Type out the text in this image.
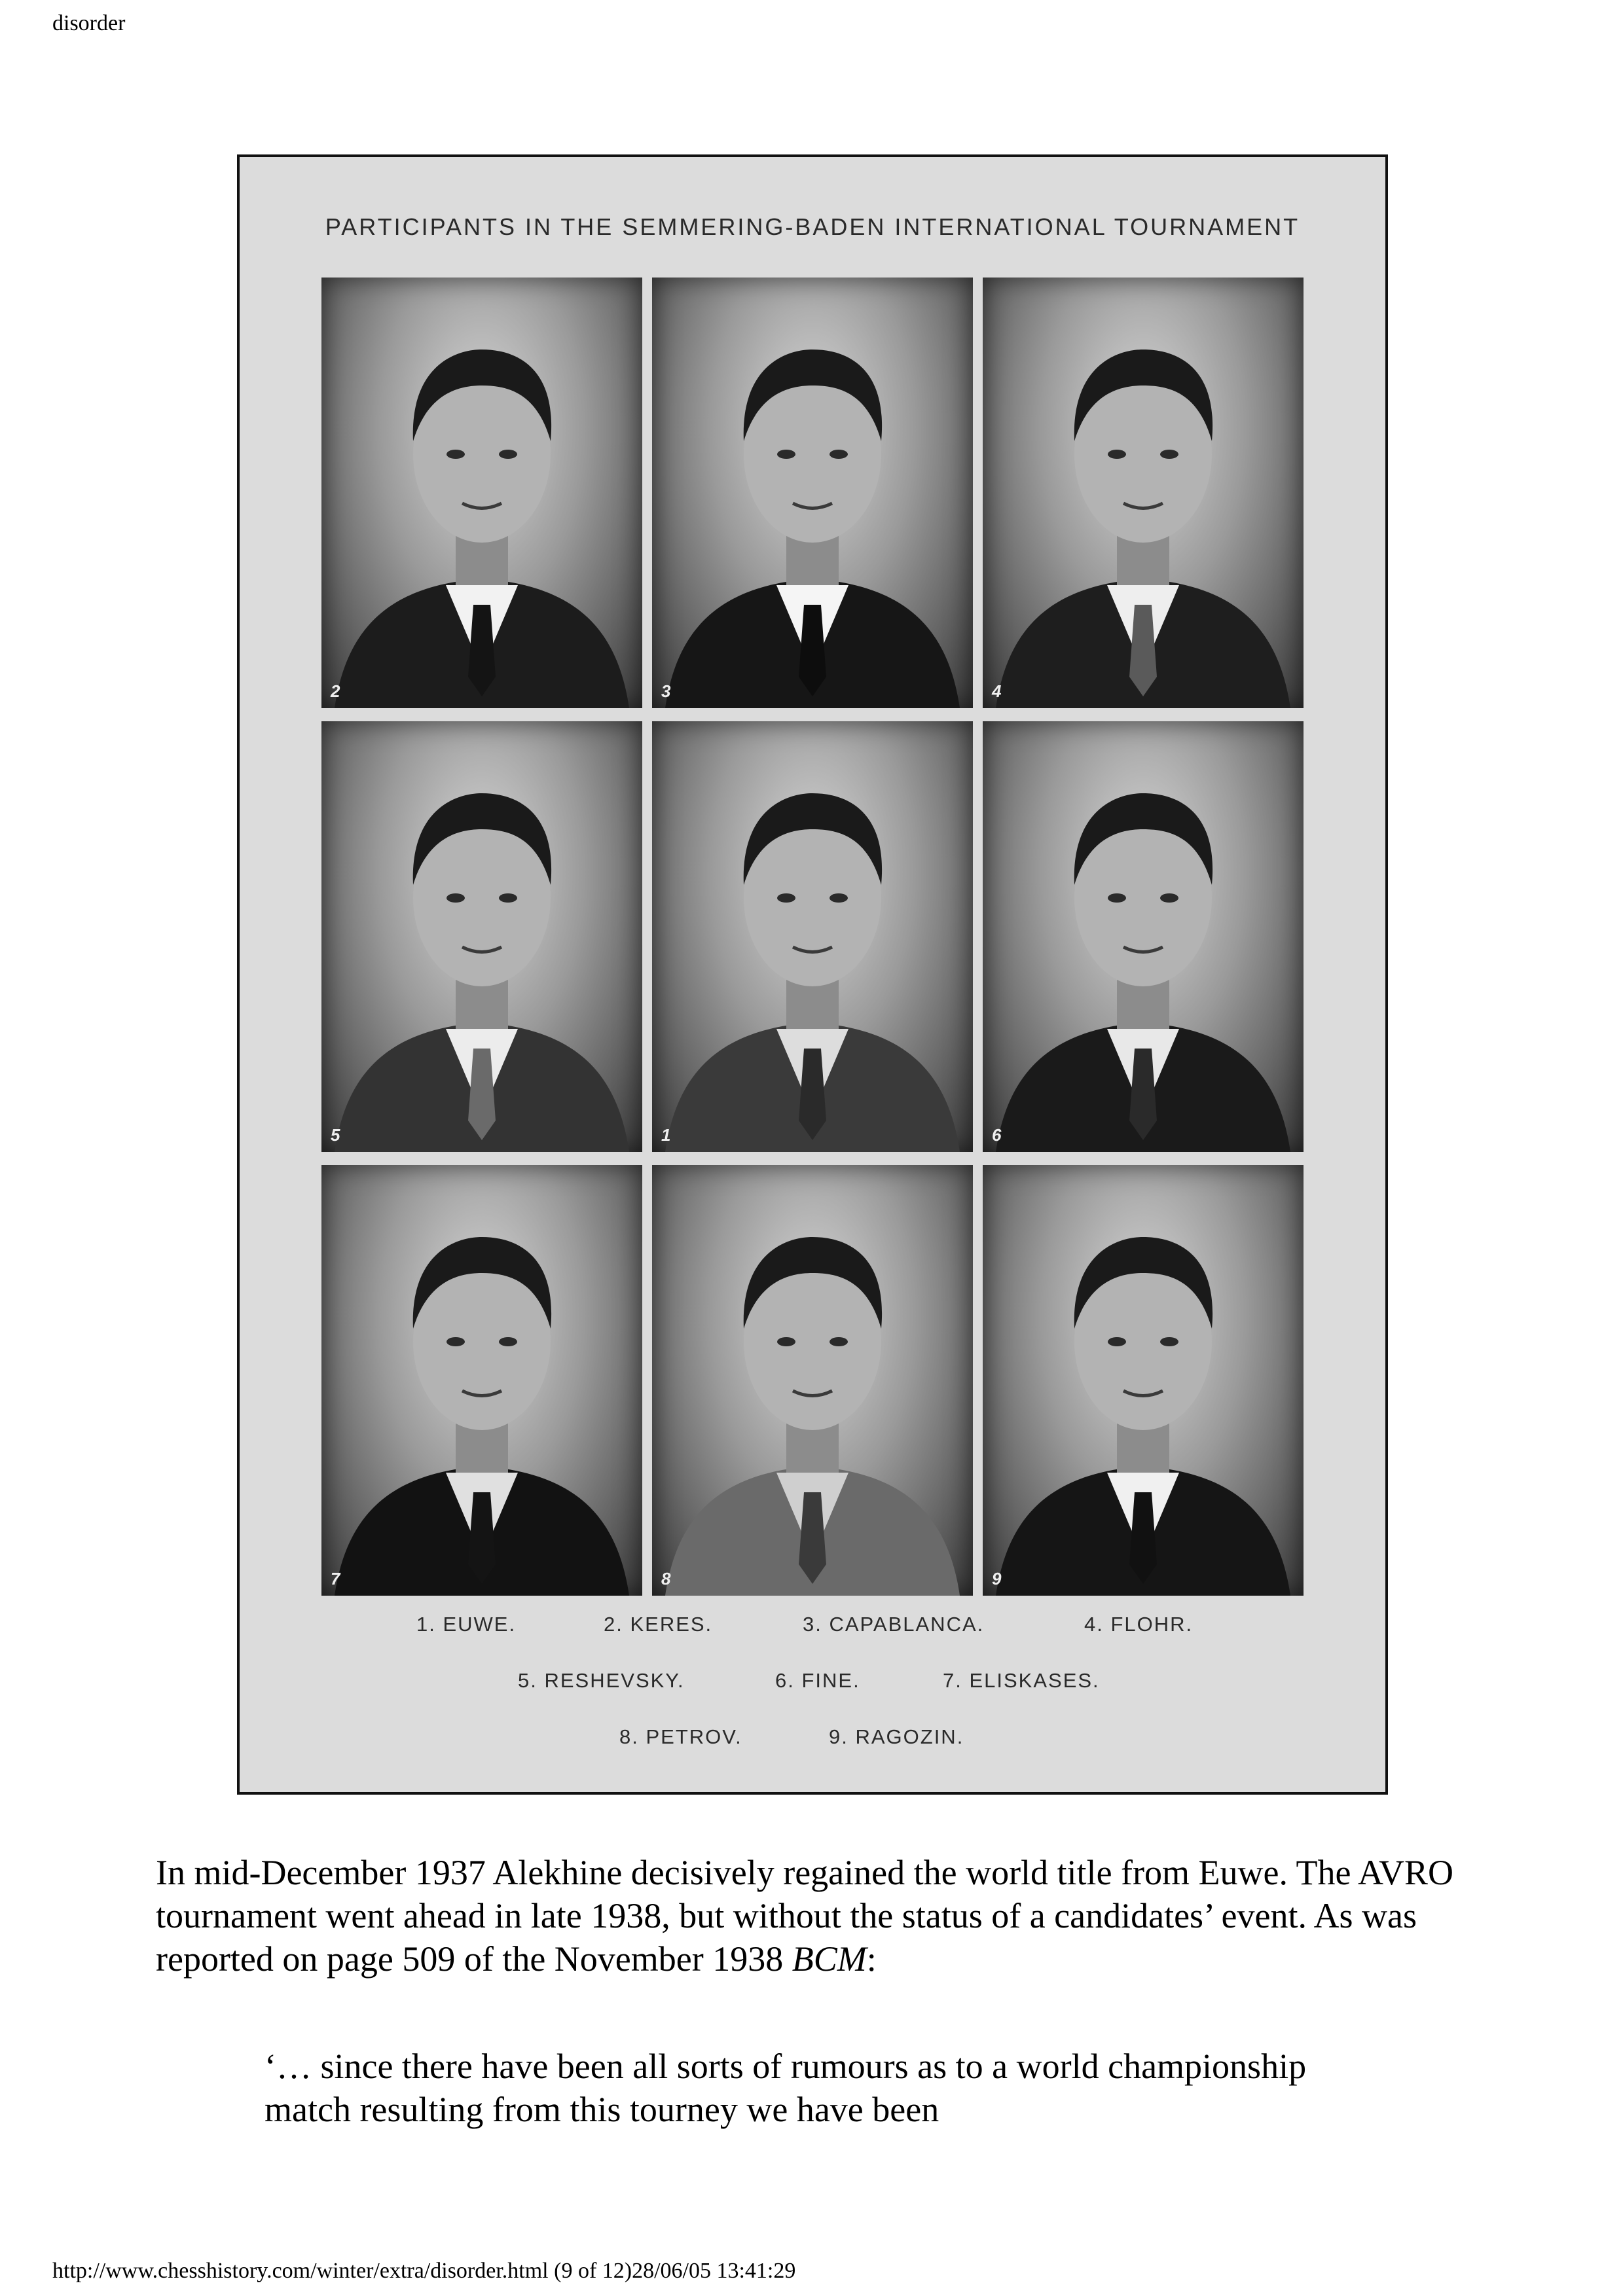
disorder
PARTICIPANTS IN THE SEMMERING-BADEN INTERNATIONAL TOURNAMENT
2	3	4
5	1	6
7	8	9
1. EUWE.	2. KERES.	3. CAPABLANCA.	4. FLOHR.
5. RESHEVSKY.	6. FINE.	7. ELISKASES.
8. PETROV.	9. RAGOZIN.

In mid-December 1937 Alekhine decisively regained the world title from Euwe. The AVRO tournament went ahead in late 1938, but without the status of a candidates’ event. As was reported on page 509 of the November 1938 BCM:

‘… since there have been all sorts of rumours as to a world championship match resulting from this tourney we have been

http://www.chesshistory.com/winter/extra/disorder.html (9 of 12)28/06/05 13:41:29
